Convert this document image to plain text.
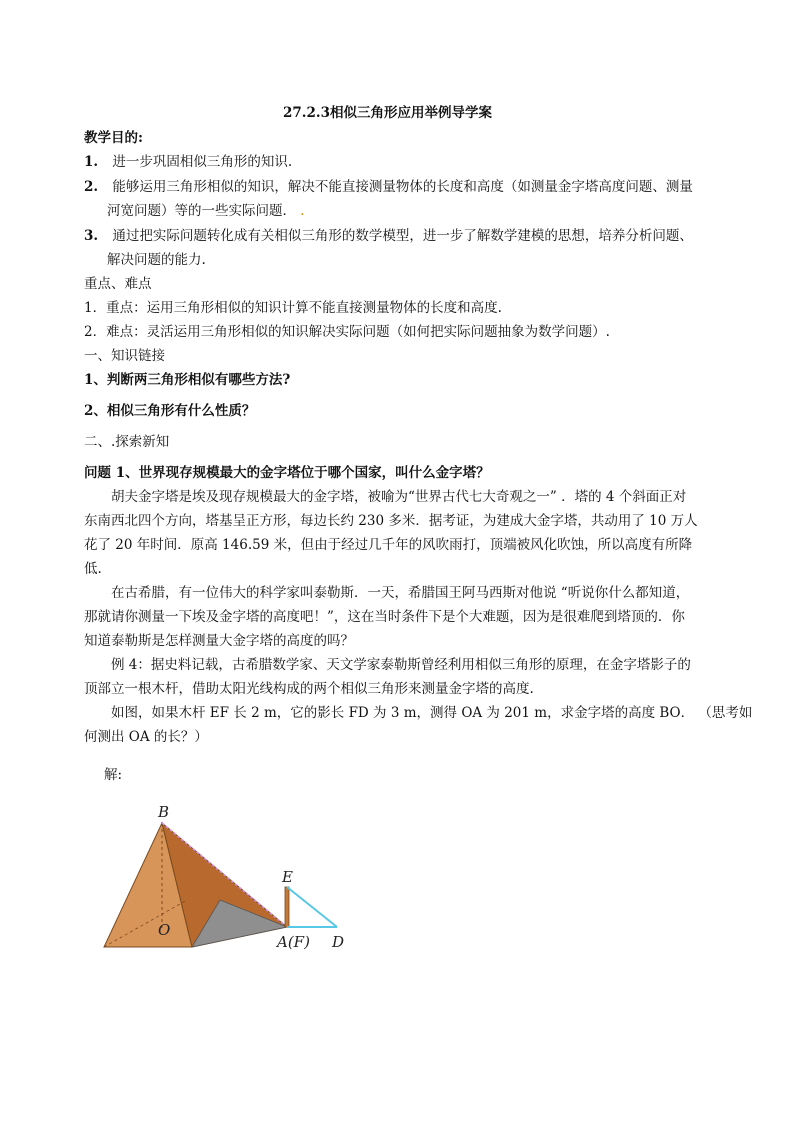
27.2.3相似三角形应用举例导学案
教学目的:
1. 进一步巩固相似三角形的知识.
2. 能够运用三角形相似的知识，解决不能直接测量物体的长度和高度（如测量金字塔高度问题、测量
河宽问题）等的一些实际问题． .
3. 通过把实际问题转化成有关相似三角形的数学模型，进一步了解数学建模的思想，培养分析问题、
解决问题的能力.
重点、难点
1．重点：运用三角形相似的知识计算不能直接测量物体的长度和高度.
2．难点：灵活运用三角形相似的知识解决实际问题（如何把实际问题抽象为数学问题）.
一、知识链接
1、判断两三角形相似有哪些方法?
2、相似三角形有什么性质？
二、.探索新知
问题 1、世界现存规模最大的金字塔位于哪个国家，叫什么金字塔？
胡夫金字塔是埃及现存规模最大的金字塔，被喻为“世界古代七大奇观之一” ．塔的 4 个斜面正对
东南西北四个方向，塔基呈正方形，每边长约 230 多米．据考证，为建成大金字塔，共动用了 10 万人
花了 20 年时间．原高 146.59 米，但由于经过几千年的风吹雨打，顶端被风化吹蚀，所以高度有所降
低.
在古希腊，有一位伟大的科学家叫泰勒斯．一天，希腊国王阿马西斯对他说 “听说你什么都知道，
那就请你测量一下埃及金字塔的高度吧！”，这在当时条件下是个大难题，因为是很难爬到塔顶的．你
知道泰勒斯是怎样测量大金字塔的高度的吗？
例 4：据史料记载，古希腊数学家、天文学家泰勒斯曾经利用相似三角形的原理，在金字塔影子的
顶部立一根木杆，借助太阳光线构成的两个相似三角形来测量金字塔的高度.
如图，如果木杆 EF 长 2 m，它的影长 FD 为 3 m，测得 OA 为 201 m，求金字塔的高度 BO． （思考如
何测出 OA 的长？）
解:
B
O
E
A(F) D
